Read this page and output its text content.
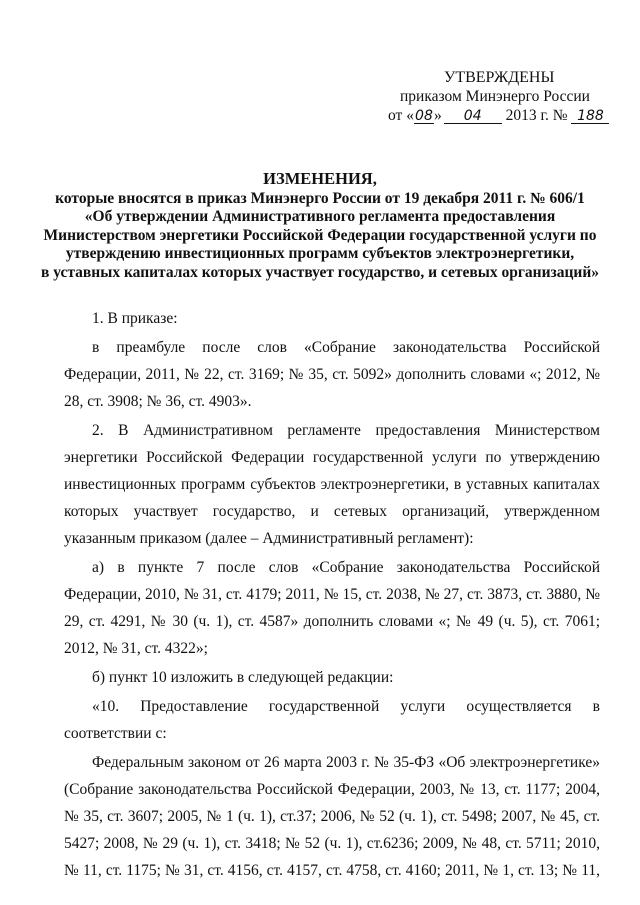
УТВЕРЖДЕНЫ
приказом Минэнерго России
от «08» 04 2013 г. № 188
ИЗМЕНЕНИЯ,
которые вносятся в приказ Минэнерго России от 19 декабря 2011 г. № 606/1
«Об утверждении Административного регламента предоставления
Министерством энергетики Российской Федерации государственной услуги по
утверждению инвестиционных программ субъектов электроэнергетики,
в уставных капиталах которых участвует государство, и сетевых организаций»

1. В приказе:

в преамбуле после слов «Собрание законодательства Российской Федерации, 2011, № 22, ст. 3169; № 35, ст. 5092» дополнить словами «; 2012, № 28, ст. 3908; № 36, ст. 4903».

2. В Административном регламенте предоставления Министерством энергетики Российской Федерации государственной услуги по утверждению инвестиционных программ субъектов электроэнергетики, в уставных капиталах которых участвует государство, и сетевых организаций, утвержденном указанным приказом (далее – Административный регламент):

а) в пункте 7 после слов «Собрание законодательства Российской Федерации, 2010, № 31, ст. 4179; 2011, № 15, ст. 2038, № 27, ст. 3873, ст. 3880, № 29, ст. 4291, № 30 (ч. 1), ст. 4587» дополнить словами «; № 49 (ч. 5), ст. 7061; 2012, № 31, ст. 4322»;

б) пункт 10 изложить в следующей редакции:

«10. Предоставление государственной услуги осуществляется в соответствии с:

Федеральным законом от 26 марта 2003 г. № 35-ФЗ «Об электроэнергетике» (Собрание законодательства Российской Федерации, 2003, № 13, ст. 1177; 2004, № 35, ст. 3607; 2005, № 1 (ч. 1), ст.37; 2006, № 52 (ч. 1), ст. 5498; 2007, № 45, ст. 5427; 2008, № 29 (ч. 1), ст. 3418; № 52 (ч. 1), ст.6236; 2009, № 48, ст. 5711; 2010, № 11, ст. 1175; № 31, ст. 4156, ст. 4157, ст. 4758, ст. 4160; 2011, № 1, ст. 13; № 11,
